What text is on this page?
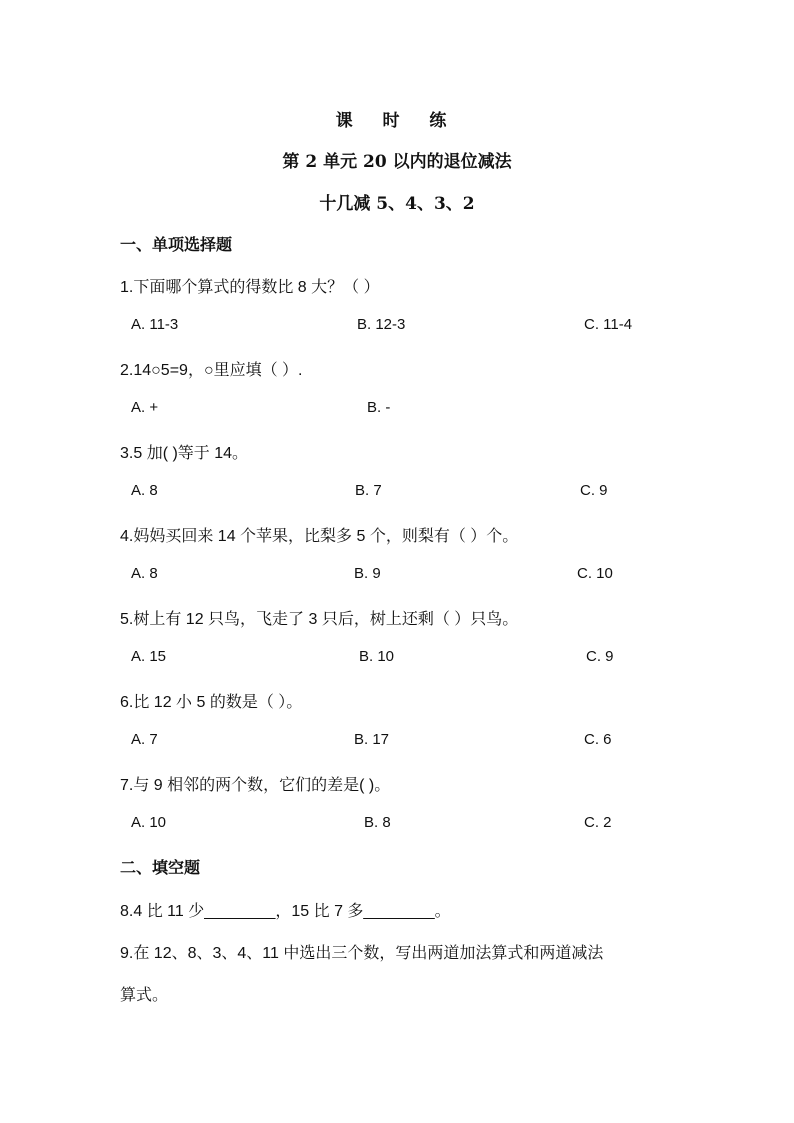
课 时 练
第 2 单元 20 以内的退位减法
十几减 5、4、3、2
一、单项选择题
1.下面哪个算式的得数比 8 大？（ ）
A. 11-3	B. 12-3	C. 11-4
2.14○5=9，○里应填（ ）.
A. +	B. -
3.5 加( )等于 14。
A. 8	B. 7	C. 9
4.妈妈买回来 14 个苹果，比梨多 5 个，则梨有（ ）个。
A. 8	B. 9	C. 10
5.树上有 12 只鸟，飞走了 3 只后，树上还剩（ ）只鸟。
A. 15	B. 10	C. 9
6.比 12 小 5 的数是（ ）。
A. 7	B. 17	C. 6
7.与 9 相邻的两个数，它们的差是( )。
A. 10	B. 8	C. 2
二、填空题
8.4 比 11 少________，15 比 7 多________。
9.在 12、8、3、4、11 中选出三个数，写出两道加法算式和两道减法
算式。
